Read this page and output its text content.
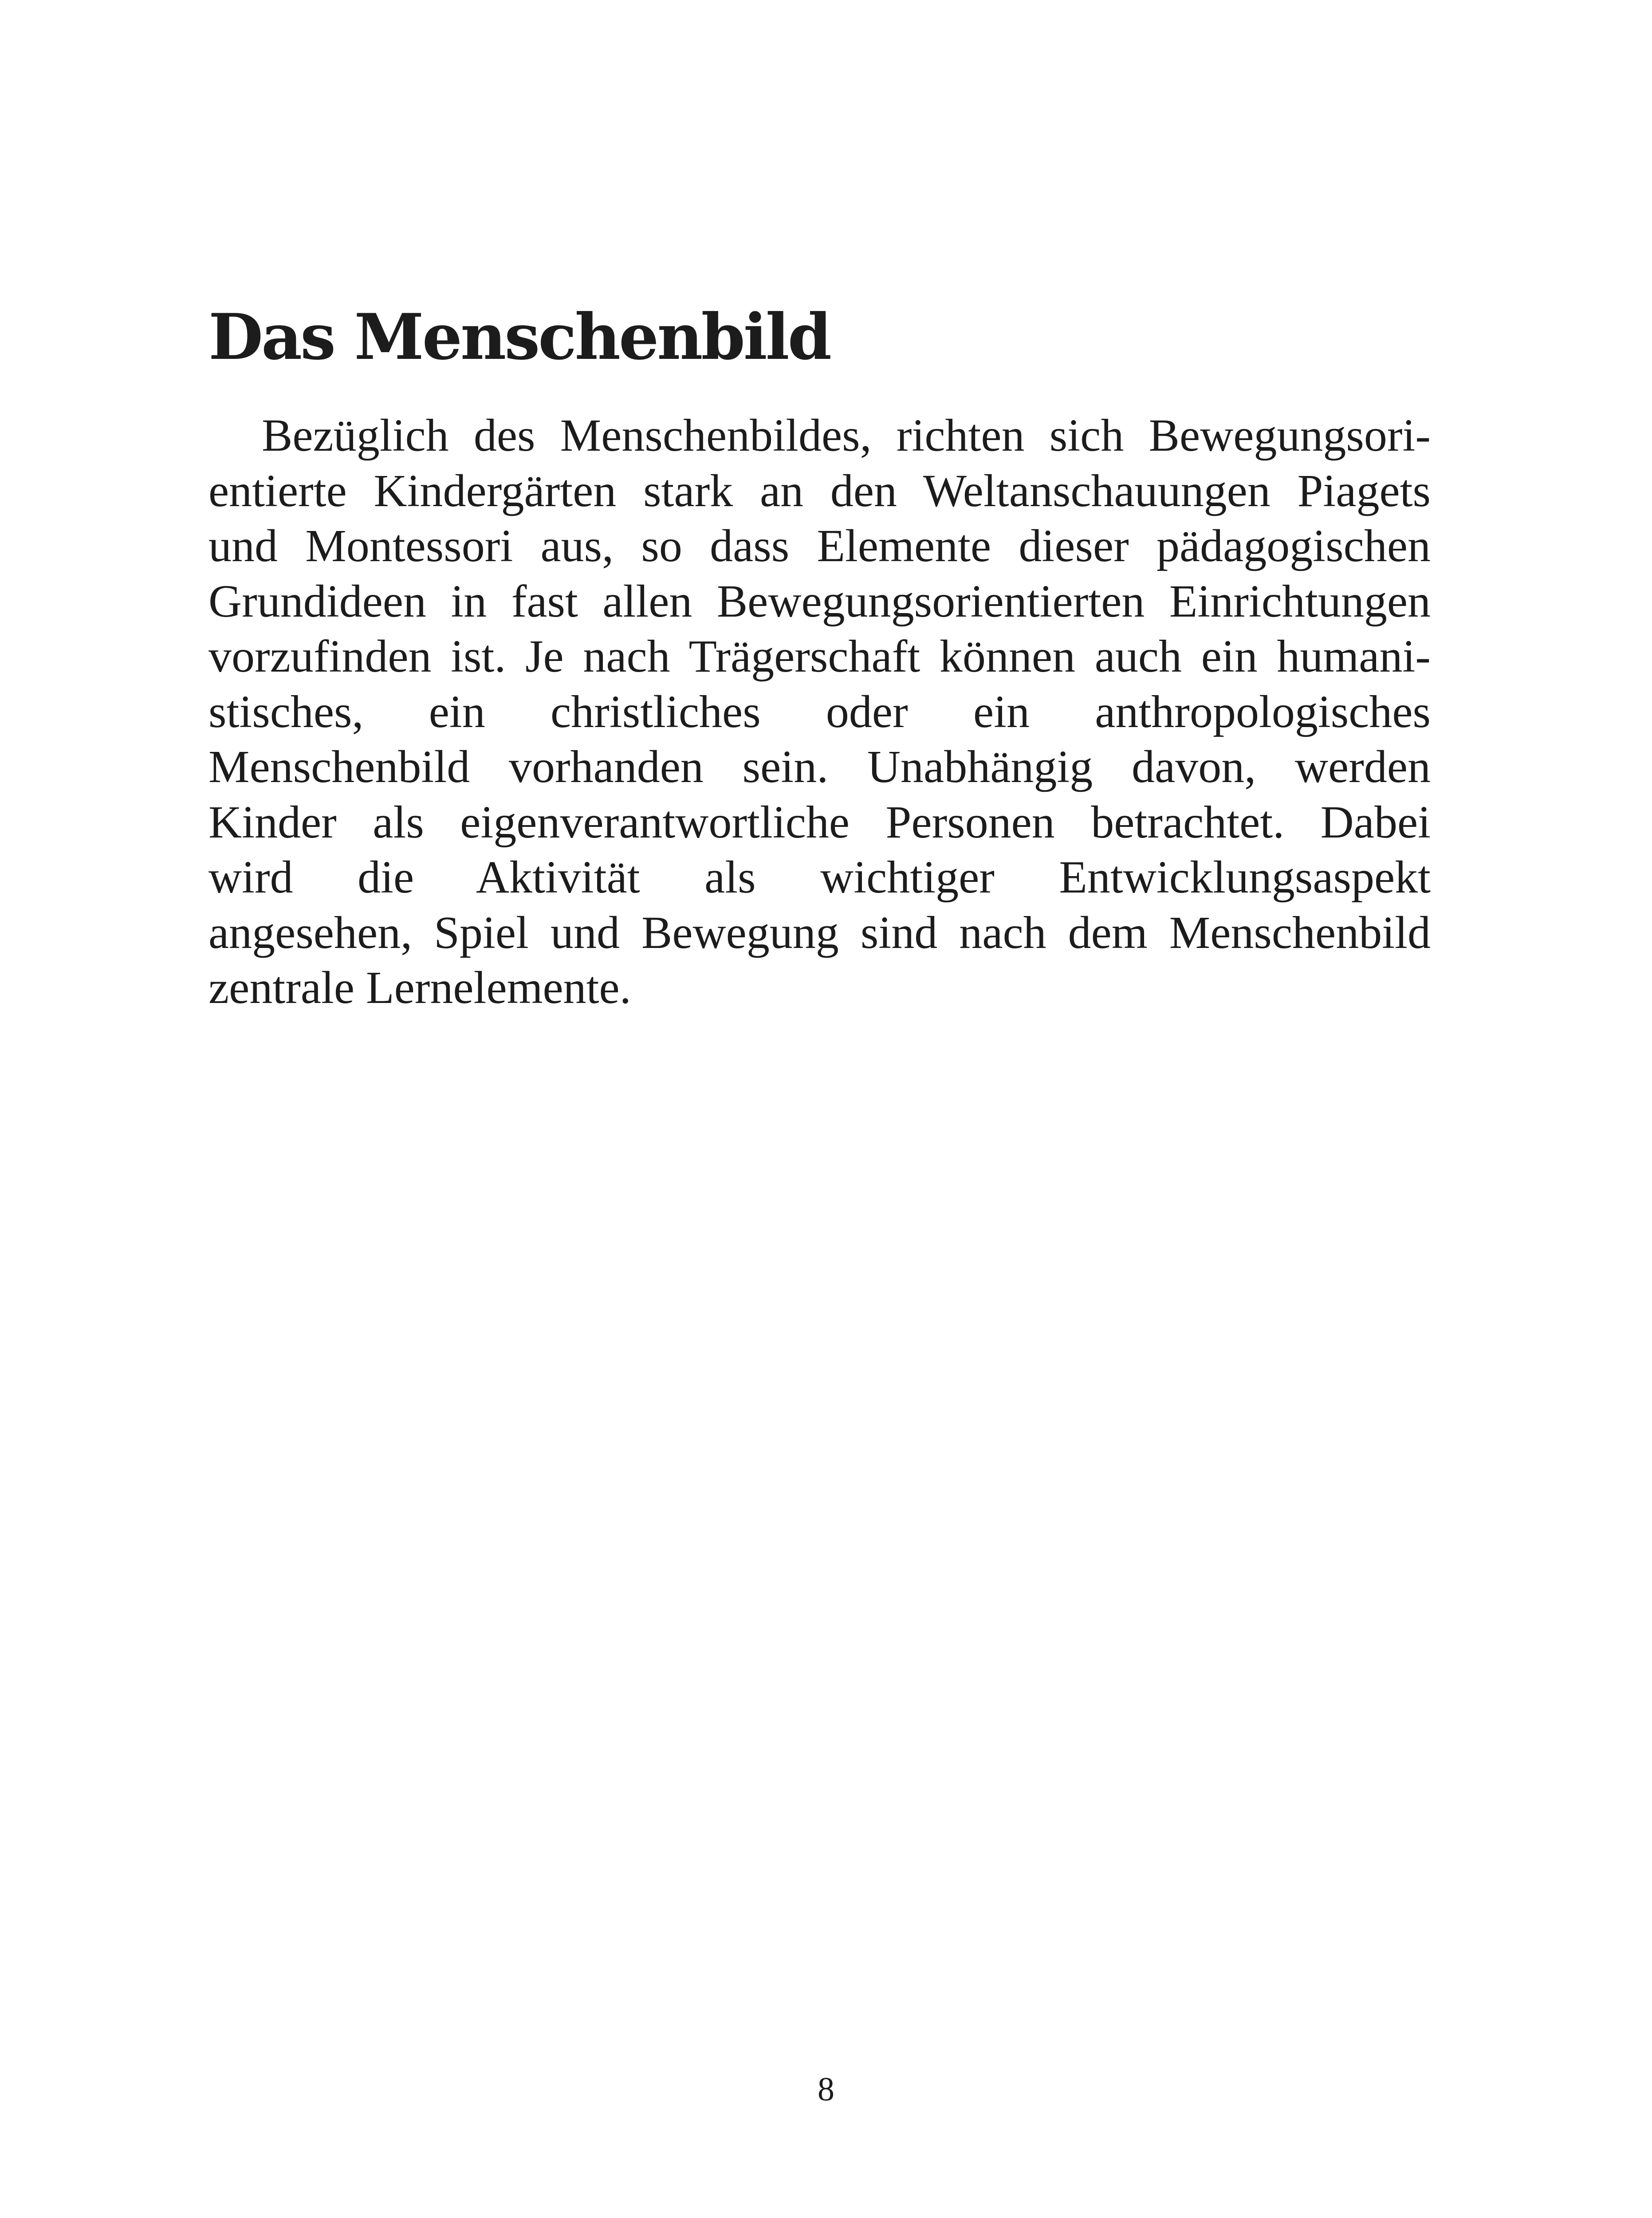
Das Menschenbild
Bezüglich des Menschenbildes, richten sich Bewegungsori-
entierte Kindergärten stark an den Weltanschauungen Piagets
und Montessori aus, so dass Elemente dieser pädagogischen
Grundideen in fast allen Bewegungsorientierten Einrichtungen
vorzufinden ist. Je nach Trägerschaft können auch ein humani-
stisches, ein christliches oder ein anthropologisches
Menschenbild vorhanden sein. Unabhängig davon, werden
Kinder als eigenverantwortliche Personen betrachtet. Dabei
wird die Aktivität als wichtiger Entwicklungsaspekt
angesehen, Spiel und Bewegung sind nach dem Menschenbild
zentrale Lernelemente.
8
